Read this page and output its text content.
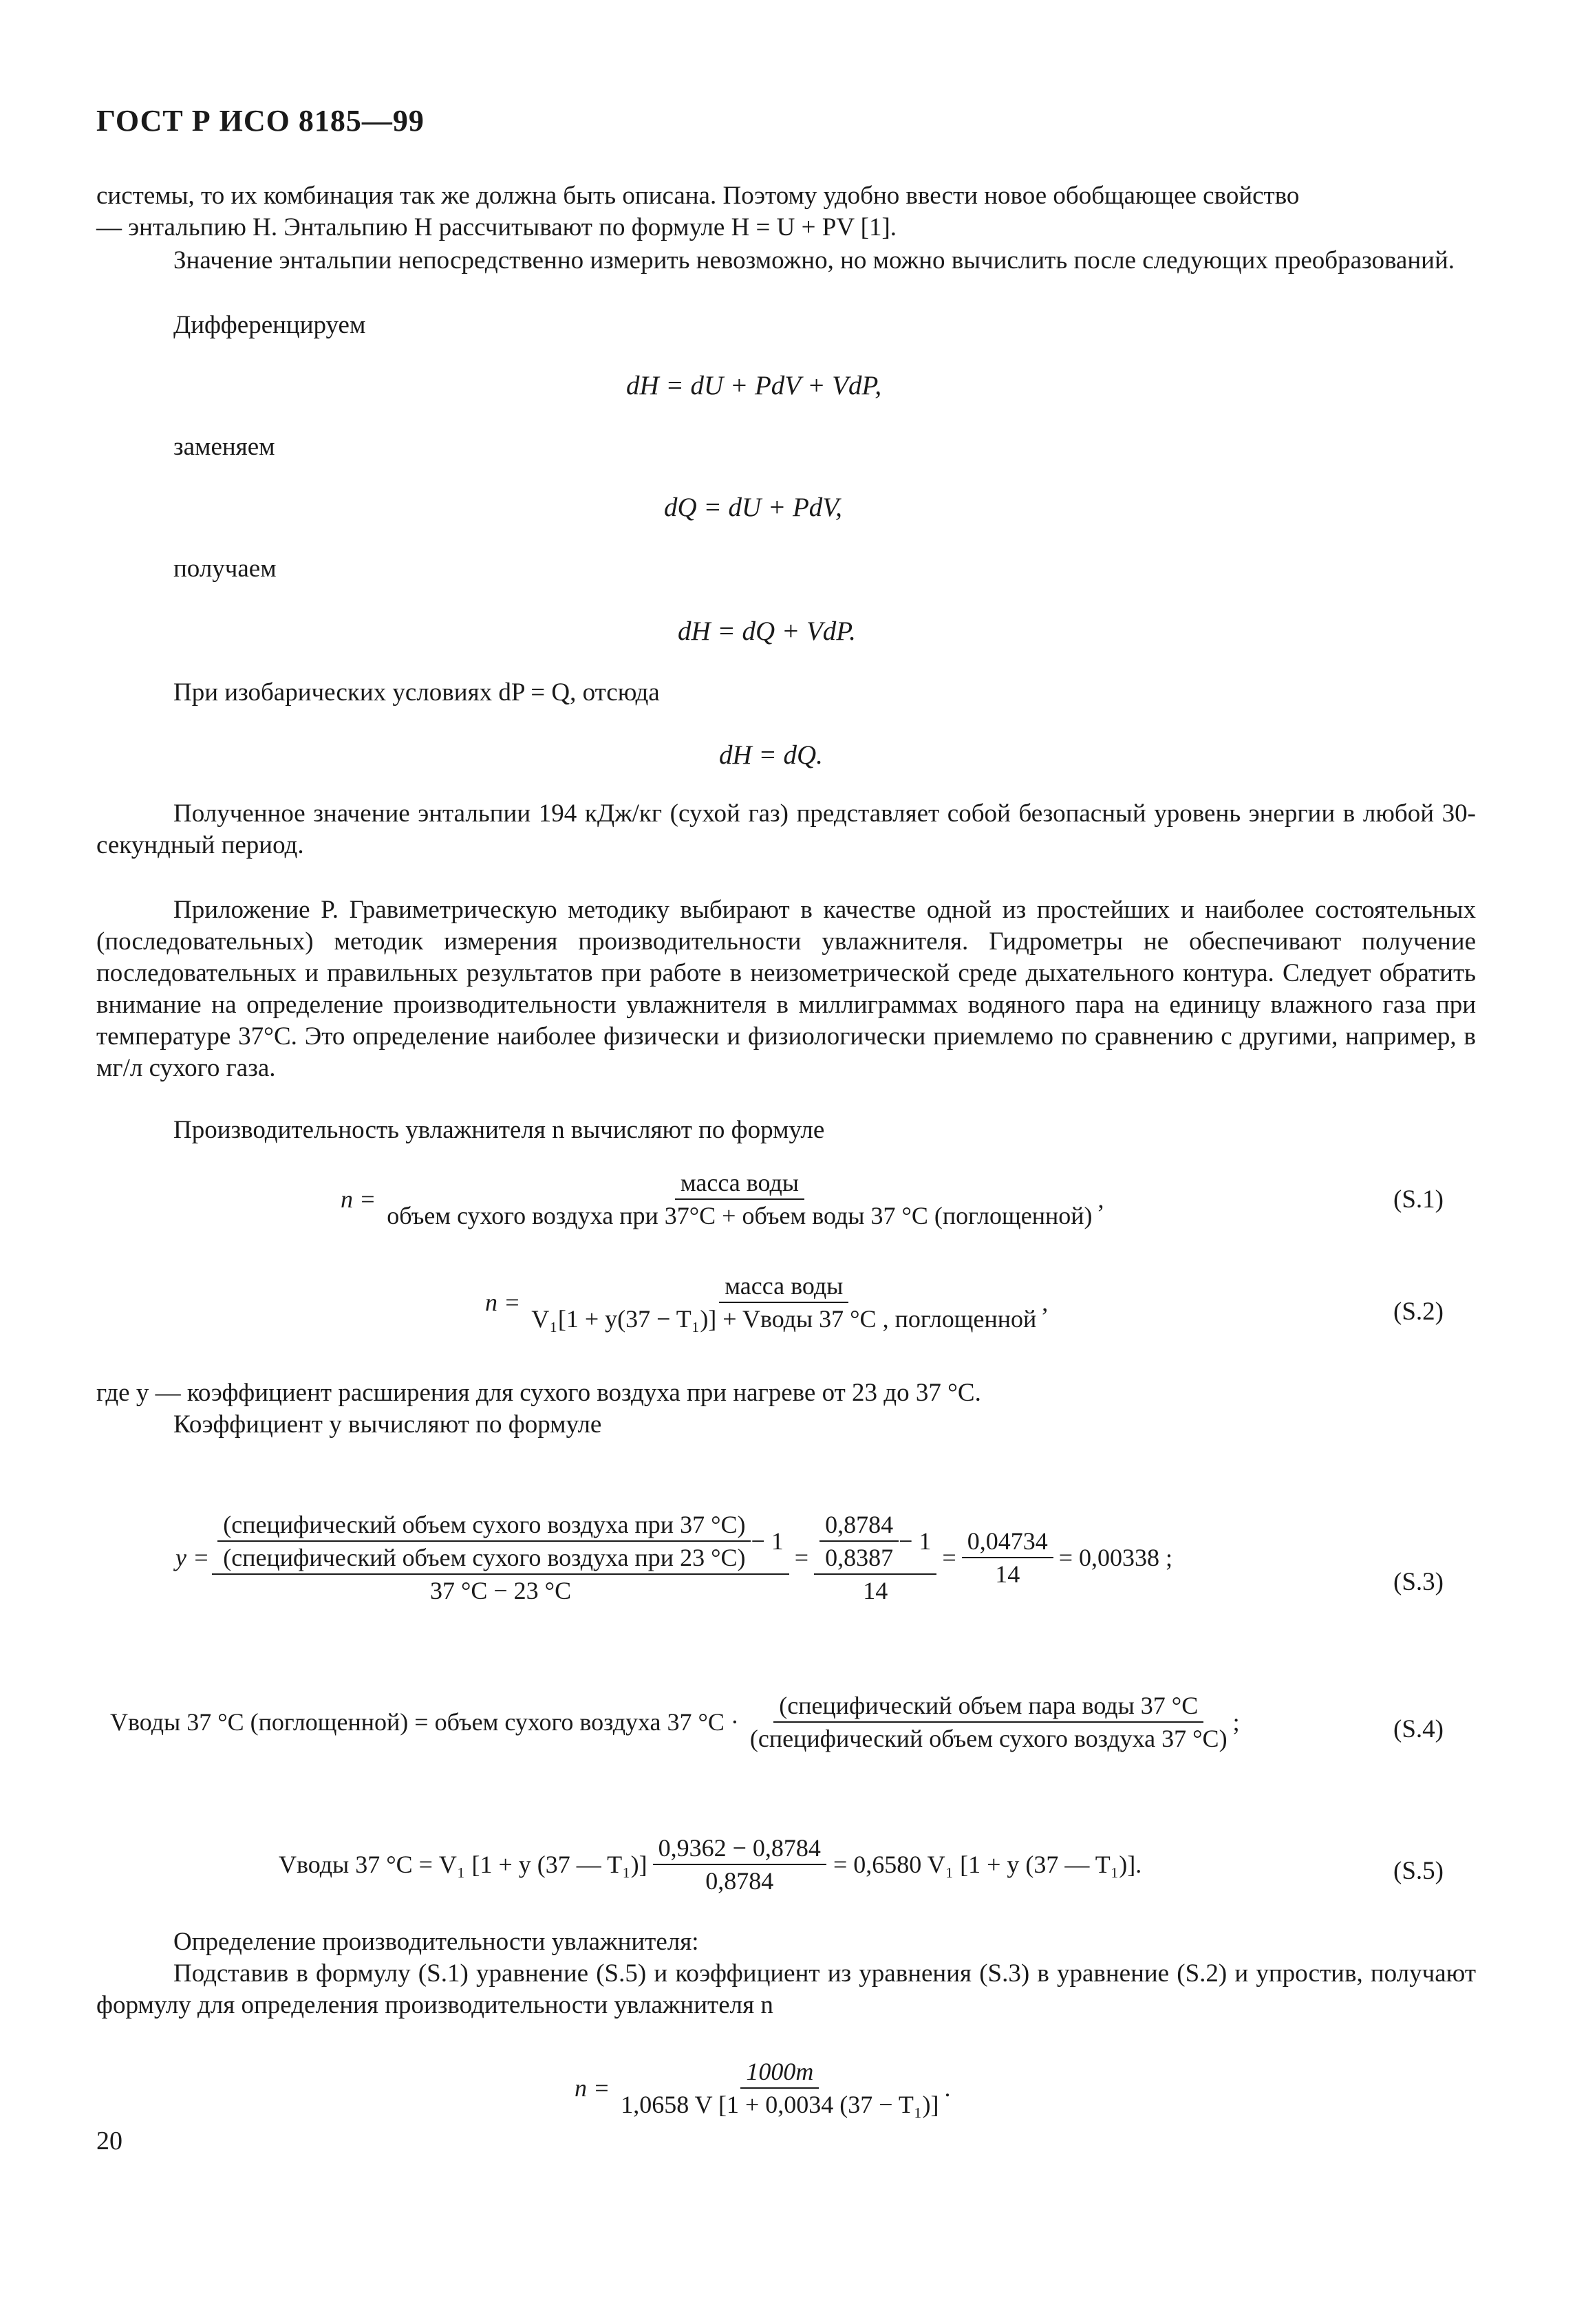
ГОСТ Р ИСО 8185—99
системы, то их комбинация так же должна быть описана. Поэтому удобно ввести новое обобщающее свойство
— энтальпию H. Энтальпию H рассчитывают по формуле H = U + PV [1].
Значение энтальпии непосредственно измерить невозможно, но можно вычислить после следующих преобразований.
Дифференцируем
dH = dU + PdV + VdP,
заменяем
dQ = dU + PdV,
получаем
dH = dQ + VdP.
При изобарических условиях dP = Q, отсюда
dH = dQ.
Полученное значение энтальпии 194 кДж/кг (сухой газ) представляет собой безопасный уровень энергии в любой 30-секундный период.
Приложение P. Гравиметрическую методику выбирают в качестве одной из простейших и наиболее состоятельных (последовательных) методик измерения производительности увлажнителя. Гидрометры не обеспечивают получение последовательных и правильных результатов при работе в неизометрической среде дыхательного контура. Следует обратить внимание на определение производительности увлажнителя в миллиграммах водяного пара на единицу влажного газа при температуре 37°С. Это определение наиболее физически и физиологически приемлемо по сравнению с другими, например, в мг/л сухого газа.
Производительность увлажнителя n вычисляют по формуле
n =
масса воды
объем сухого воздуха при 37°С + объем воды 37 °С (поглощенной)
,	(S.1)
$n = \frac{\text{масса воды}}{\text{V₁[1 + y(37 − T₁)] + Vводы 37 °С , поглощенной}}$ ,	(S.2)
где y — коэффициент расширения для сухого воздуха при нагреве от 23 до 37 °С.
Коэффициент y вычисляют по формуле
$y = \frac{\text{(специфический объем сухого воздуха при 37 °С)}}{\text{(специфический объем сухого воздуха при 23 °С)}} - 1$
37 °С − 23 °С
= $\frac{\frac{0,8784}{0,8387} - 1}{14} = \frac{0,04734}{14} = 0,00338$ ;
(S.3)
Vводы 37 °С (поглощенной) = объем сухого воздуха 37 $^\circ С \cdot \frac{\text{(специфический объем пара воды 37 °С}}{\text{(специфический объем сухого воздуха 37 °С)}}$ ;	(S.4)
Vводы 37 °С = V₁ [1 + y (37 — $T_1)] \frac{0,9362 - 0,8784}{0,8784} = 0,6580$ V₁ [1 + y (37 — T₁)].	(S.5)
Определение производительности увлажнителя:
Подставив в формулу (S.1) уравнение (S.5) и коэффициент из уравнения (S.3) в уравнение (S.2) и упростив, получают формулу для определения производительности увлажнителя n
$n = \frac{1000m}{\text{1,0658 V [1 + 0,0034 (37 − T₁)]}}$ .
20
